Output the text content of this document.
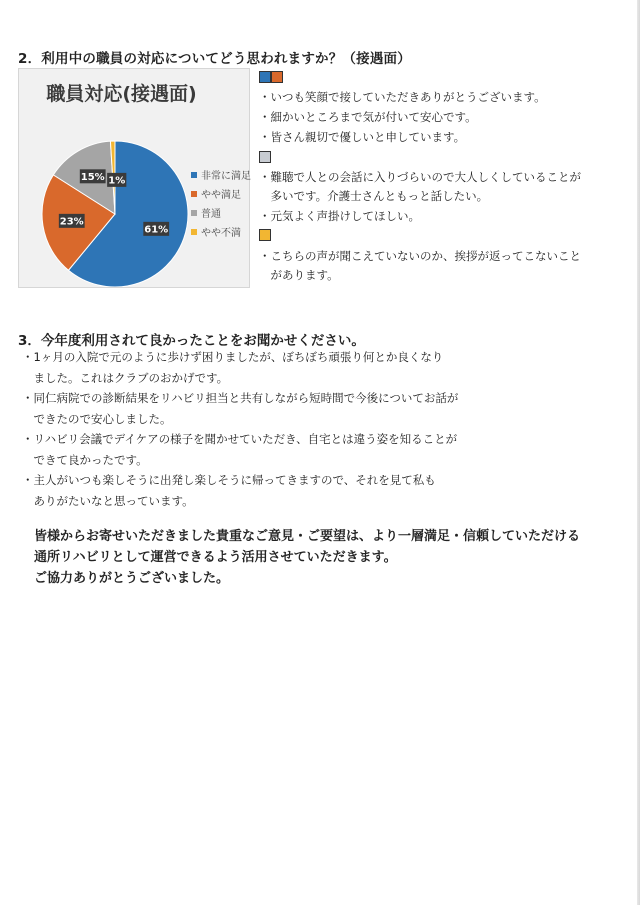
2．利用中の職員の対応についてどう思われますか？（接遇面）
職員対応(接遇面)
61%
23%
15% 1%	非常に満足
やや満足
普通
やや不満
・いつも笑顔で接していただきありがとうございます。
・細かいところまで気が付いて安心です。
・皆さん親切で優しいと申しています。
・難聴で人との会話に入りづらいので大人しくしていることが
　多いです。介護士さんともっと話したい。
・元気よく声掛けしてほしい。
・こちらの声が聞こえていないのか、挨拶が返ってこないこと
　があります。
3．今年度利用されて良かったことをお聞かせください。
・1ヶ月の入院で元のように歩けず困りましたが、ぼちぼち頑張り何とか良くなり
　ました。これはクラブのおかげです。
・同仁病院での診断結果をリハビリ担当と共有しながら短時間で今後についてお話が
　できたので安心しました。
・リハビリ会議でデイケアの様子を聞かせていただき、自宅とは違う姿を知ることが
　できて良かったです。
・主人がいつも楽しそうに出発し楽しそうに帰ってきますので、それを見て私も
　ありがたいなと思っています。
皆様からお寄せいただきました貴重なご意見・ご要望は、より一層満足・信頼していただける
通所リハビリとして運営できるよう活用させていただきます。
ご協力ありがとうございました。
